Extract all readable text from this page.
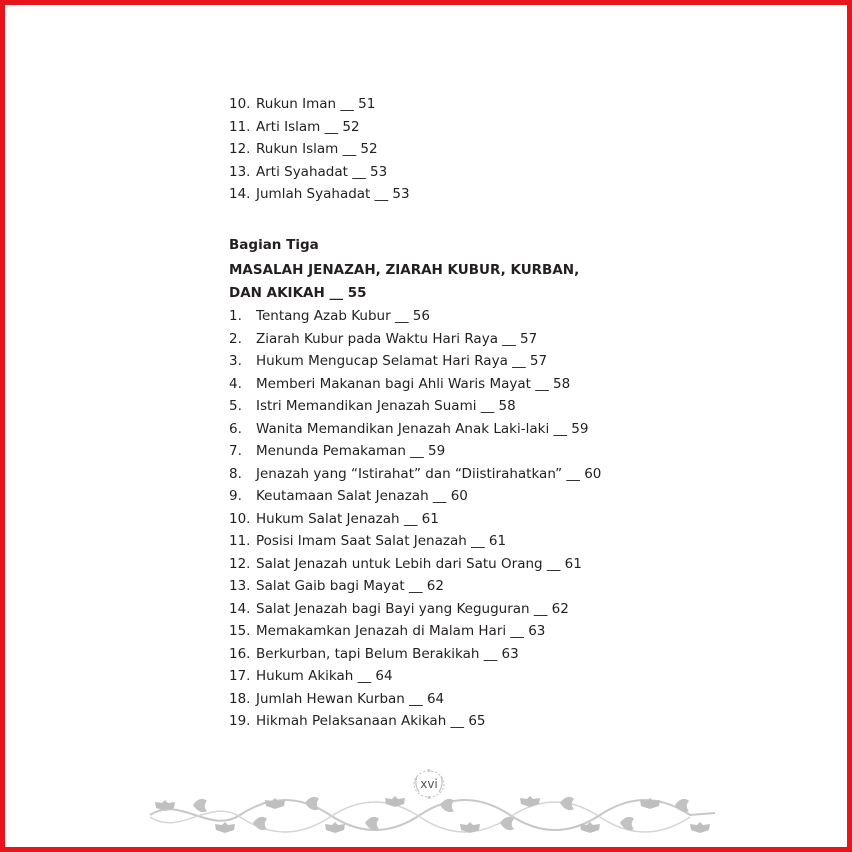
10. Rukun Iman __ 51
11. Arti Islam __ 52
12. Rukun Islam __ 52
13. Arti Syahadat __ 53
14. Jumlah Syahadat __ 53
Bagian Tiga
MASALAH JENAZAH, ZIARAH KUBUR, KURBAN,
DAN AKIKAH __ 55
1. Tentang Azab Kubur __ 56
2. Ziarah Kubur pada Waktu Hari Raya __ 57
3. Hukum Mengucap Selamat Hari Raya __ 57
4. Memberi Makanan bagi Ahli Waris Mayat __ 58
5. Istri Memandikan Jenazah Suami __ 58
6. Wanita Memandikan Jenazah Anak Laki-laki __ 59
7. Menunda Pemakaman __ 59
8. Jenazah yang “Istirahat” dan “Diistirahatkan” __ 60
9. Keutamaan Salat Jenazah __ 60
10. Hukum Salat Jenazah __ 61
11. Posisi Imam Saat Salat Jenazah __ 61
12. Salat Jenazah untuk Lebih dari Satu Orang __ 61
13. Salat Gaib bagi Mayat __ 62
14. Salat Jenazah bagi Bayi yang Keguguran __ 62
15. Memakamkan Jenazah di Malam Hari __ 63
16. Berkurban, tapi Belum Berakikah __ 63
17. Hukum Akikah __ 64
18. Jumlah Hewan Kurban __ 64
19. Hikmah Pelaksanaan Akikah __ 65
xvi
